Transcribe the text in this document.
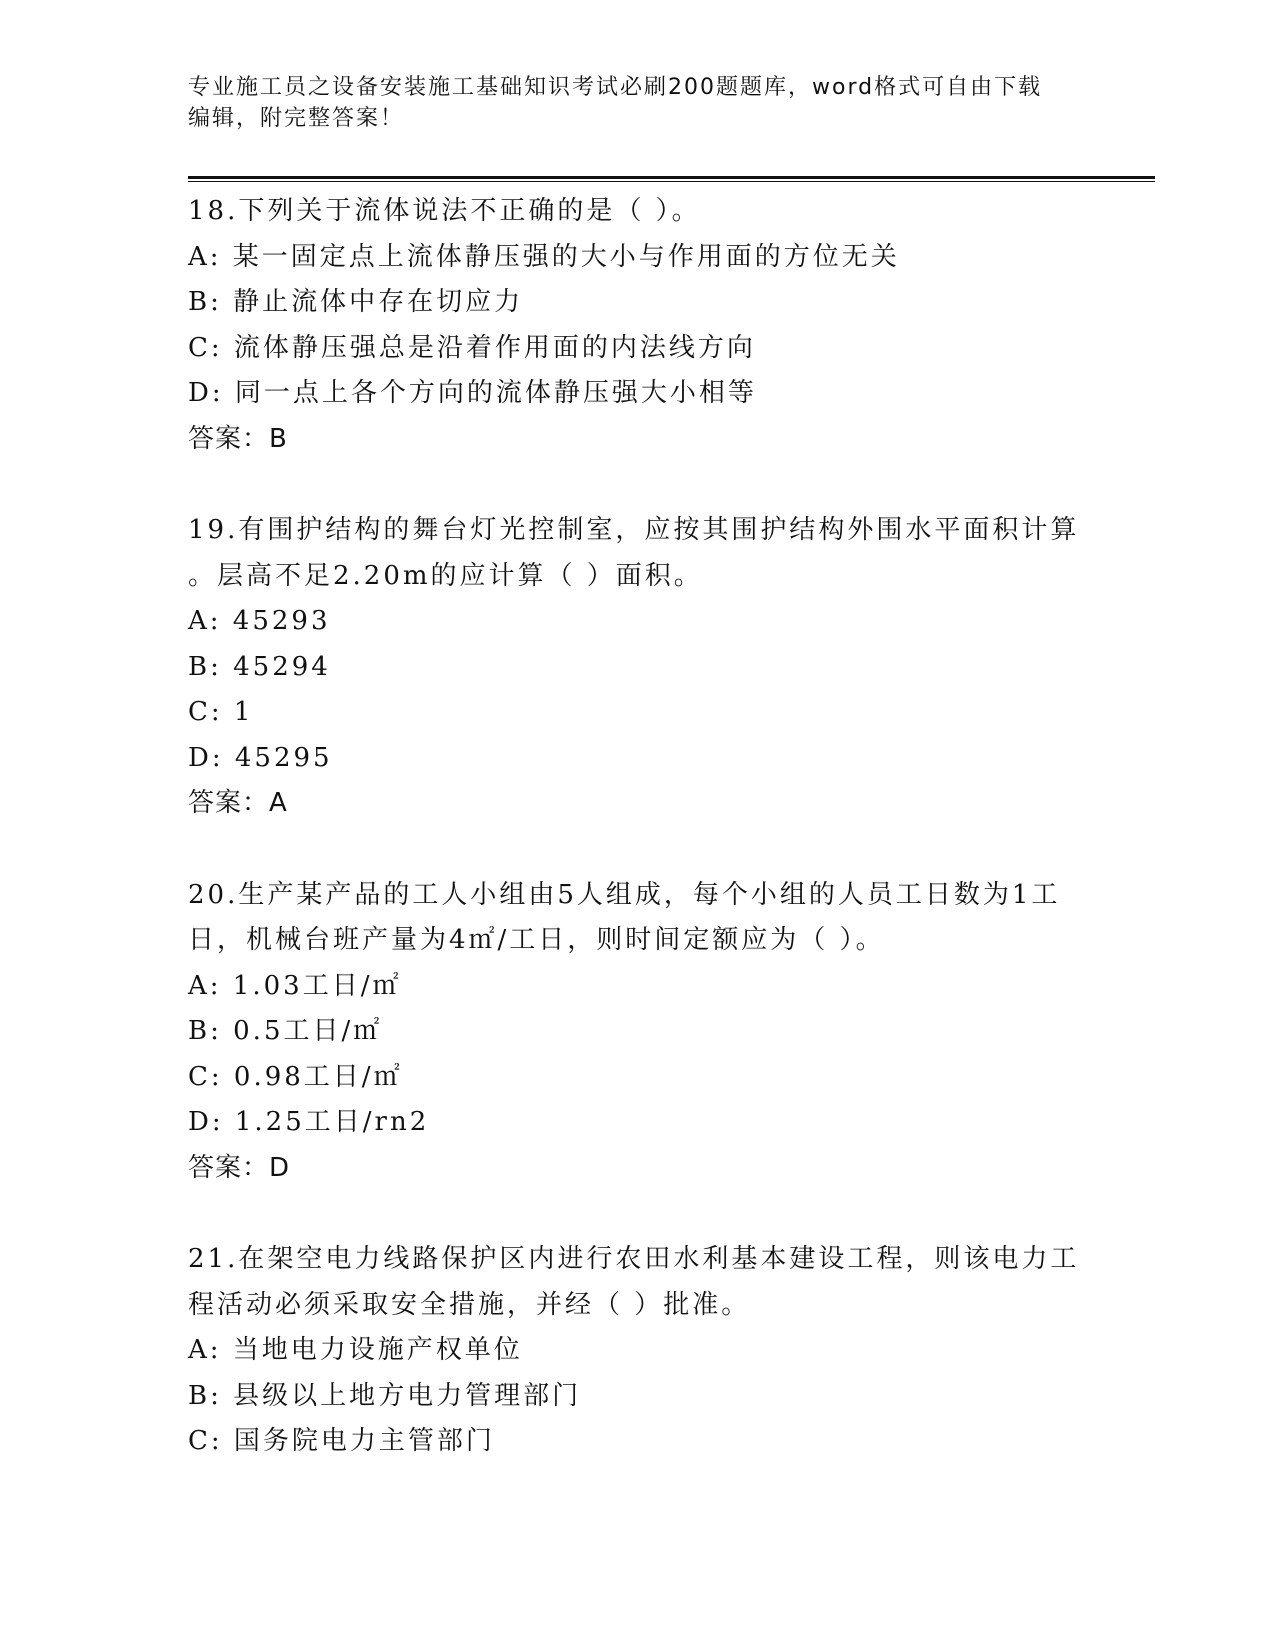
专业施工员之设备安装施工基础知识考试必刷200题题库，word格式可自由下载
编辑，附完整答案！
18.下列关于流体说法不正确的是（ ）。
A: 某一固定点上流体静压强的大小与作用面的方位无关
B: 静止流体中存在切应力
C: 流体静压强总是沿着作用面的内法线方向
D: 同一点上各个方向的流体静压强大小相等
答案：B
19.有围护结构的舞台灯光控制室，应按其围护结构外围水平面积计算
。层高不足2.20m的应计算（ ）面积。
A: 45293
B: 45294
C: 1
D: 45295
答案：A
20.生产某产品的工人小组由5人组成，每个小组的人员工日数为1工
日，机械台班产量为4㎡/工日，则时间定额应为（ ）。
A: 1.03工日/㎡
B: 0.5工日/㎡
C: 0.98工日/㎡
D: 1.25工日/rn2
答案：D
21.在架空电力线路保护区内进行农田水利基本建设工程，则该电力工
程活动必须采取安全措施，并经（ ）批准。
A: 当地电力设施产权单位
B: 县级以上地方电力管理部门
C: 国务院电力主管部门
